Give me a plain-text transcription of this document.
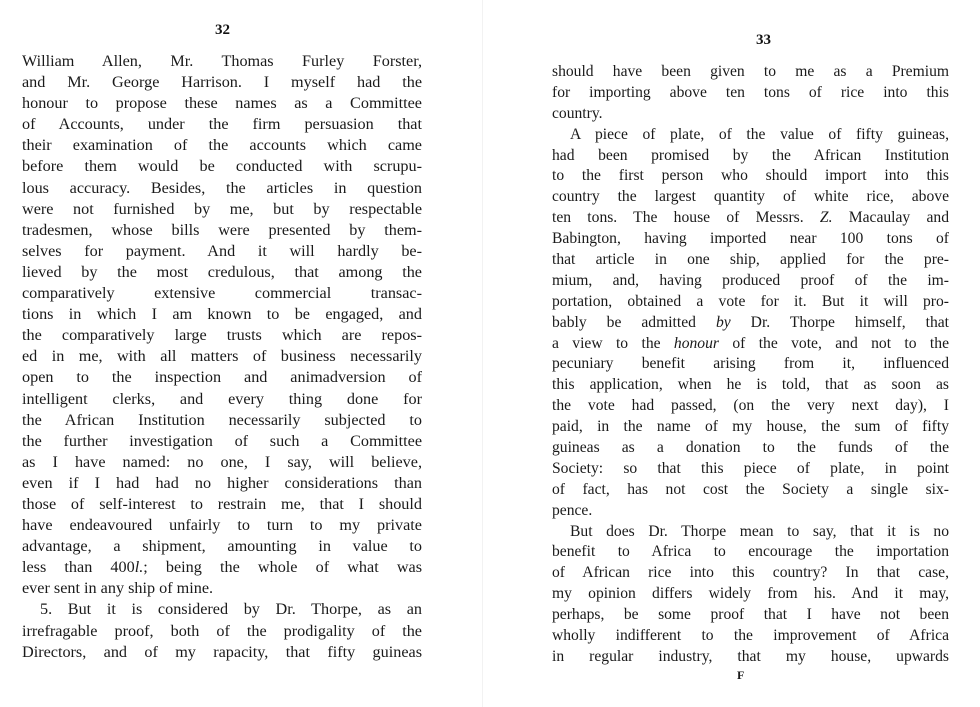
32
William Allen, Mr. Thomas Furley Forster,
and Mr. George Harrison. I myself had the
honour to propose these names as a Committee
of Accounts, under the firm persuasion that
their examination of the accounts which came
before them would be conducted with scrupu-
lous accuracy. Besides, the articles in question
were not furnished by me, but by respectable
tradesmen, whose bills were presented by them-
selves for payment. And it will hardly be-
lieved by the most credulous, that among the
comparatively extensive commercial transac-
tions in which I am known to be engaged, and
the comparatively large trusts which are repos-
ed in me, with all matters of business necessarily
open to the inspection and animadversion of
intelligent clerks, and every thing done for
the African Institution necessarily subjected to
the further investigation of such a Committee
as I have named: no one, I say, will believe,
even if I had had no higher considerations than
those of self-interest to restrain me, that I should
have endeavoured unfairly to turn to my private
advantage, a shipment, amounting in value to
less than 400l.; being the whole of what was
ever sent in any ship of mine.
5. But it is considered by Dr. Thorpe, as an
irrefragable proof, both of the prodigality of the
Directors, and of my rapacity, that fifty guineas
33
should have been given to me as a Premium
for importing above ten tons of rice into this
country.
A piece of plate, of the value of fifty guineas,
had been promised by the African Institution
to the first person who should import into this
country the largest quantity of white rice, above
ten tons. The house of Messrs. Z. Macaulay and
Babington, having imported near 100 tons of
that article in one ship, applied for the pre-
mium, and, having produced proof of the im-
portation, obtained a vote for it. But it will pro-
bably be admitted by Dr. Thorpe himself, that
a view to the honour of the vote, and not to the
pecuniary benefit arising from it, influenced
this application, when he is told, that as soon as
the vote had passed, (on the very next day), I
paid, in the name of my house, the sum of fifty
guineas as a donation to the funds of the
Society: so that this piece of plate, in point
of fact, has not cost the Society a single six-
pence.
But does Dr. Thorpe mean to say, that it is no
benefit to Africa to encourage the importation
of African rice into this country? In that case,
my opinion differs widely from his. And it may,
perhaps, be some proof that I have not been
wholly indifferent to the improvement of Africa
in regular industry, that my house, upwards
F
